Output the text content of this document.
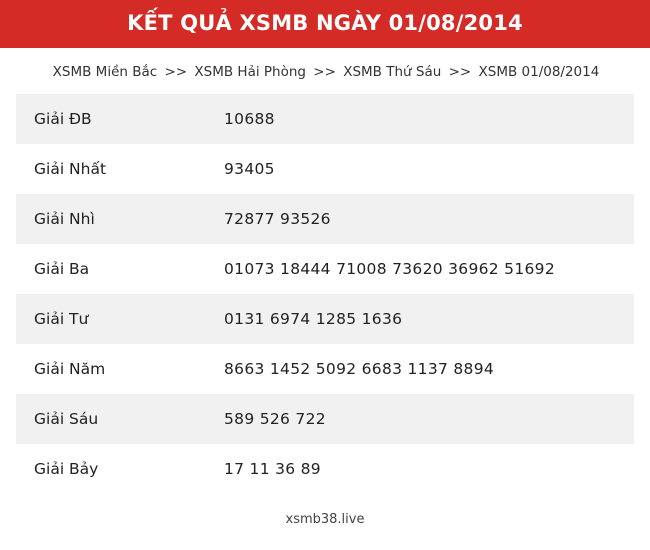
KẾT QUẢ XSMB NGÀY 01/08/2014
XSMB Miền Bắc >> XSMB Hải Phòng >> XSMB Thứ Sáu >> XSMB 01/08/2014
Giải ĐB	10688
Giải Nhất	93405
Giải Nhì	72877 93526
Giải Ba	01073 18444 71008 73620 36962 51692
Giải Tư	0131 6974 1285 1636
Giải Năm	8663 1452 5092 6683 1137 8894
Giải Sáu	589 526 722
Giải Bảy	17 11 36 89
xsmb38.live
